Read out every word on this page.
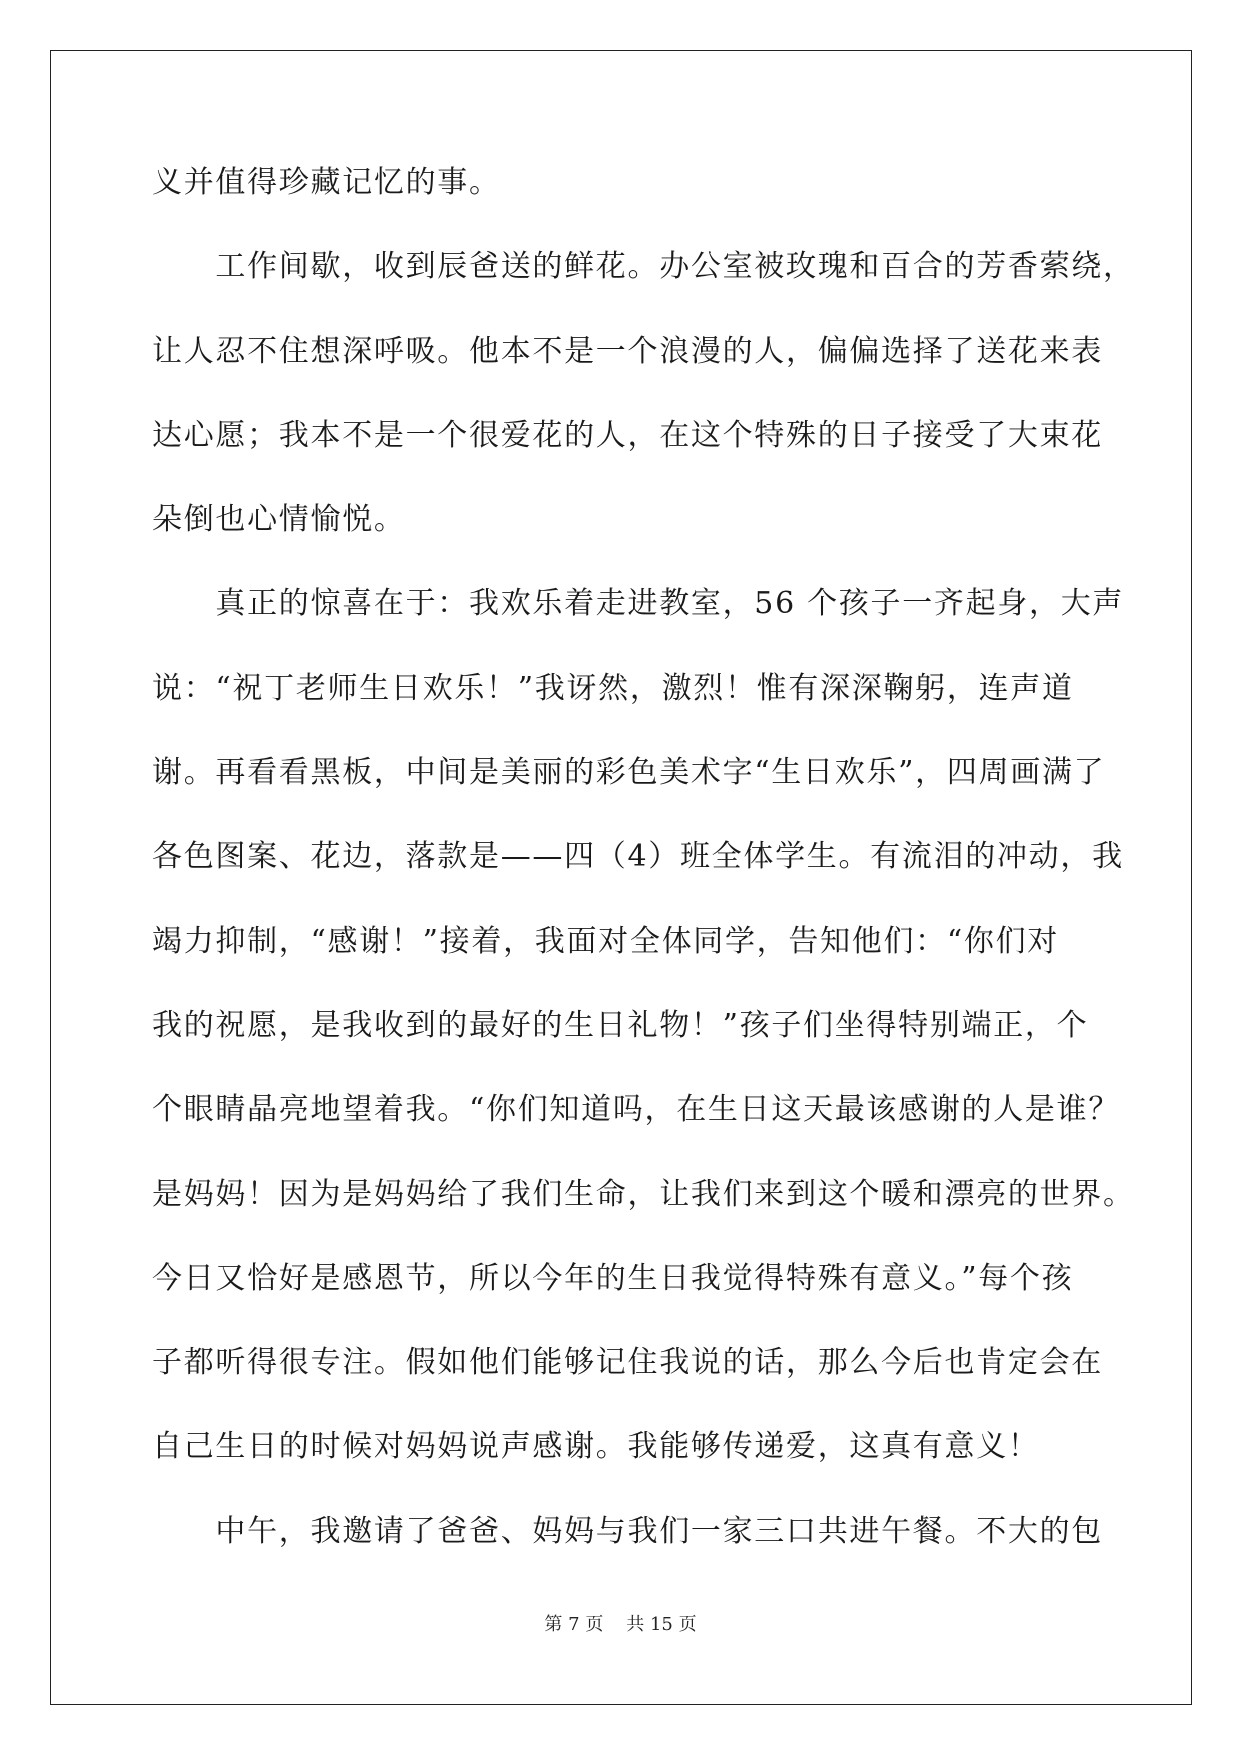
义并值得珍藏记忆的事。
　　工作间歇，收到辰爸送的鲜花。办公室被玫瑰和百合的芳香萦绕，
让人忍不住想深呼吸。他本不是一个浪漫的人，偏偏选择了送花来表
达心愿；我本不是一个很爱花的人，在这个特殊的日子接受了大束花
朵倒也心情愉悦。
　　真正的惊喜在于：我欢乐着走进教室，56 个孩子一齐起身，大声
说：“祝丁老师生日欢乐！”我讶然，激烈！惟有深深鞠躬，连声道
谢。再看看黑板，中间是美丽的彩色美术字“生日欢乐”，四周画满了
各色图案、花边，落款是——四（4）班全体学生。有流泪的冲动，我
竭力抑制，“感谢！”接着，我面对全体同学，告知他们：“你们对
我的祝愿，是我收到的最好的生日礼物！”孩子们坐得特别端正，个
个眼睛晶亮地望着我。“你们知道吗，在生日这天最该感谢的人是谁？
是妈妈！因为是妈妈给了我们生命，让我们来到这个暖和漂亮的世界。
今日又恰好是感恩节，所以今年的生日我觉得特殊有意义。”每个孩
子都听得很专注。假如他们能够记住我说的话，那么今后也肯定会在
自己生日的时候对妈妈说声感谢。我能够传递爱，这真有意义！
　　中午，我邀请了爸爸、妈妈与我们一家三口共进午餐。不大的包
第 7 页 共 15 页
